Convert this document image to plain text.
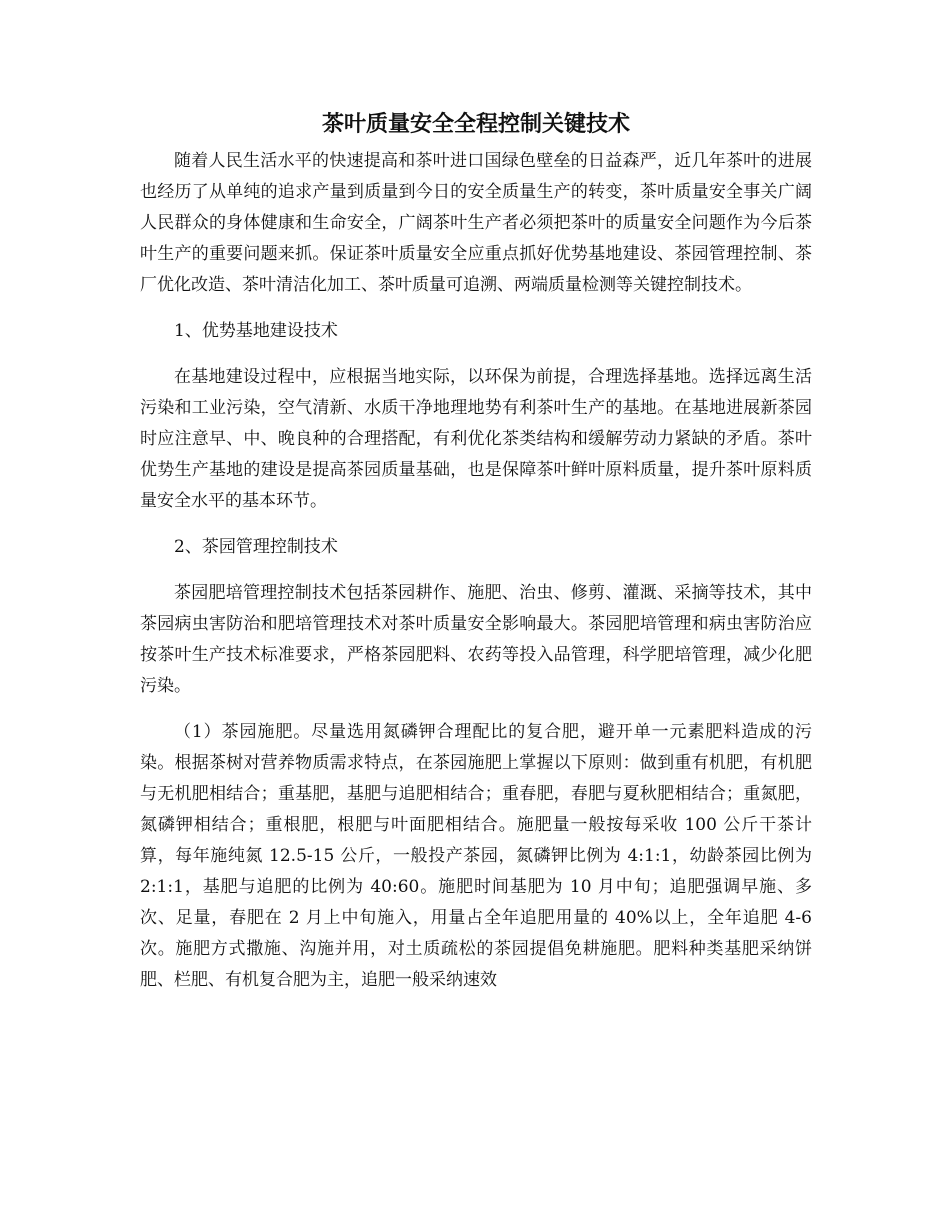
茶叶质量安全全程控制关键技术

随着人民生活水平的快速提高和茶叶进口国绿色壁垒的日益森严，近几年茶叶的进展也经历了从单纯的追求产量到质量到今日的安全质量生产的转变，茶叶质量安全事关广阔人民群众的身体健康和生命安全，广阔茶叶生产者必须把茶叶的质量安全问题作为今后茶叶生产的重要问题来抓。保证茶叶质量安全应重点抓好优势基地建设、茶园管理控制、茶厂优化改造、茶叶清洁化加工、茶叶质量可追溯、两端质量检测等关键控制技术。

1、优势基地建设技术

在基地建设过程中，应根据当地实际，以环保为前提，合理选择基地。选择远离生活污染和工业污染，空气清新、水质干净地理地势有利茶叶生产的基地。在基地进展新茶园时应注意早、中、晚良种的合理搭配，有利优化茶类结构和缓解劳动力紧缺的矛盾。茶叶优势生产基地的建设是提高茶园质量基础，也是保障茶叶鲜叶原料质量，提升茶叶原料质量安全水平的基本环节。

2、茶园管理控制技术

茶园肥培管理控制技术包括茶园耕作、施肥、治虫、修剪、灌溉、采摘等技术，其中茶园病虫害防治和肥培管理技术对茶叶质量安全影响最大。茶园肥培管理和病虫害防治应按茶叶生产技术标准要求，严格茶园肥料、农药等投入品管理，科学肥培管理，减少化肥污染。

（1）茶园施肥。尽量选用氮磷钾合理配比的复合肥，避开单一元素肥料造成的污染。根据茶树对营养物质需求特点，在茶园施肥上掌握以下原则：做到重有机肥，有机肥与无机肥相结合；重基肥，基肥与追肥相结合；重春肥，春肥与夏秋肥相结合；重氮肥，氮磷钾相结合；重根肥，根肥与叶面肥相结合。施肥量一般按每采收 100 公斤干茶计算，每年施纯氮 12.5-15 公斤，一般投产茶园，氮磷钾比例为 4:1:1，幼龄茶园比例为 2:1:1，基肥与追肥的比例为 40:60。施肥时间基肥为 10 月中旬；追肥强调早施、多次、足量，春肥在 2 月上中旬施入，用量占全年追肥用量的 40%以上，全年追肥 4-6 次。施肥方式撒施、沟施并用，对土质疏松的茶园提倡免耕施肥。肥料种类基肥采纳饼肥、栏肥、有机复合肥为主，追肥一般采纳速效
